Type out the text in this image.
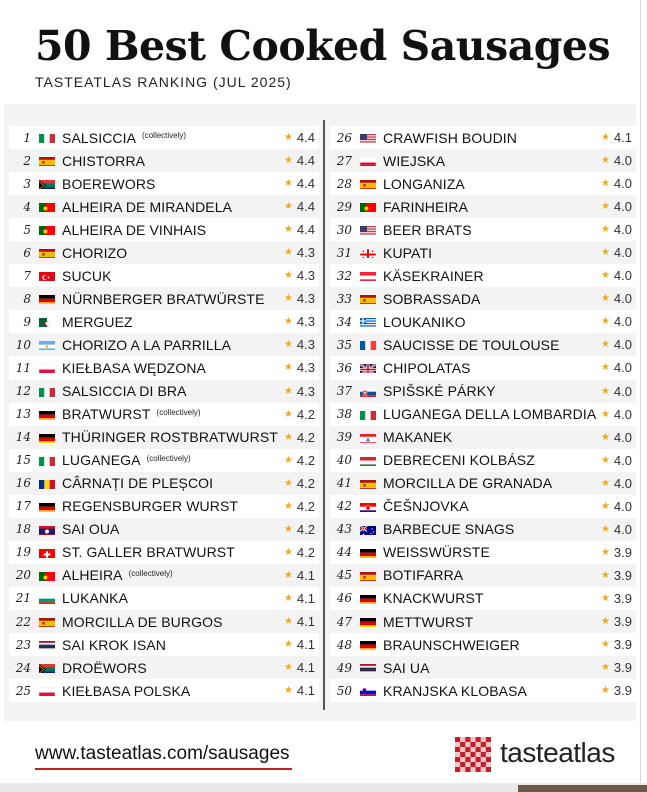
50 Best Cooked Sausages
TASTEATLAS RANKING (JUL 2025)
1 SALSICCIA (collectively)	★ 4.4
2 CHISTORRA	★ 4.4
3 BOEREWORS	★ 4.4
4 ALHEIRA DE MIRANDELA	★ 4.4
5 ALHEIRA DE VINHAIS	★ 4.4
6 CHORIZO	★ 4.3
7 SUCUK	★ 4.3
8 NÜRNBERGER BRATWÜRSTE ★ 4.3
9 MERGUEZ	★ 4.3
10 CHORIZO A LA PARRILLA	★ 4.3
11 KIEŁBASA WĘDZONA	★ 4.3
12 SALSICCIA DI BRA	★ 4.3
13 BRATWURST (collectively)	★ 4.2
14 THÜRINGER ROSTBRATWURST ★ 4.2
15 LUGANEGA (collectively)	★ 4.2
16 CÂRNAȚI DE PLEȘCOI	★ 4.2
17 REGENSBURGER WURST	★ 4.2
18 SAI OUA	★ 4.2
19 ST. GALLER BRATWURST	★ 4.2
20 ALHEIRA (collectively)	★ 4.1
21 LUKANKA	★ 4.1
22 MORCILLA DE BURGOS	★ 4.1
23 SAI KROK ISAN	★ 4.1
24 DROËWORS	★ 4.1
25 KIEŁBASA POLSKA	★ 4.1
26 CRAWFISH BOUDIN	★ 4.1
27 WIEJSKA	★ 4.0
28 LONGANIZA	★ 4.0
29 FARINHEIRA	★ 4.0
30 BEER BRATS	★ 4.0
31 KUPATI	★ 4.0
32 KÄSEKRAINER	★ 4.0
33 SOBRASSADA	★ 4.0
34 LOUKANIKO	★ 4.0
35 SAUCISSE DE TOULOUSE	★ 4.0
36 CHIPOLATAS	★ 4.0
37 SPIŠSKÉ PÁRKY	★ 4.0
38 LUGANEGA DELLA LOMBARDIA ★ 4.0
39 MAKANEK	★ 4.0
40 DEBRECENI KOLBÁSZ	★ 4.0
41 MORCILLA DE GRANADA	★ 4.0
42 ČEŠNJOVKA	★ 4.0
43 BARBECUE SNAGS	★ 4.0
44 WEISSWÜRSTE	★ 3.9
45 BOTIFARRA	★ 3.9
46 KNACKWURST	★ 3.9
47 METTWURST	★ 3.9
48 BRAUNSCHWEIGER	★ 3.9
49 SAI UA	★ 3.9
50 KRANJSKA KLOBASA	★ 3.9
www.tasteatlas.com/sausages	tasteatlas
